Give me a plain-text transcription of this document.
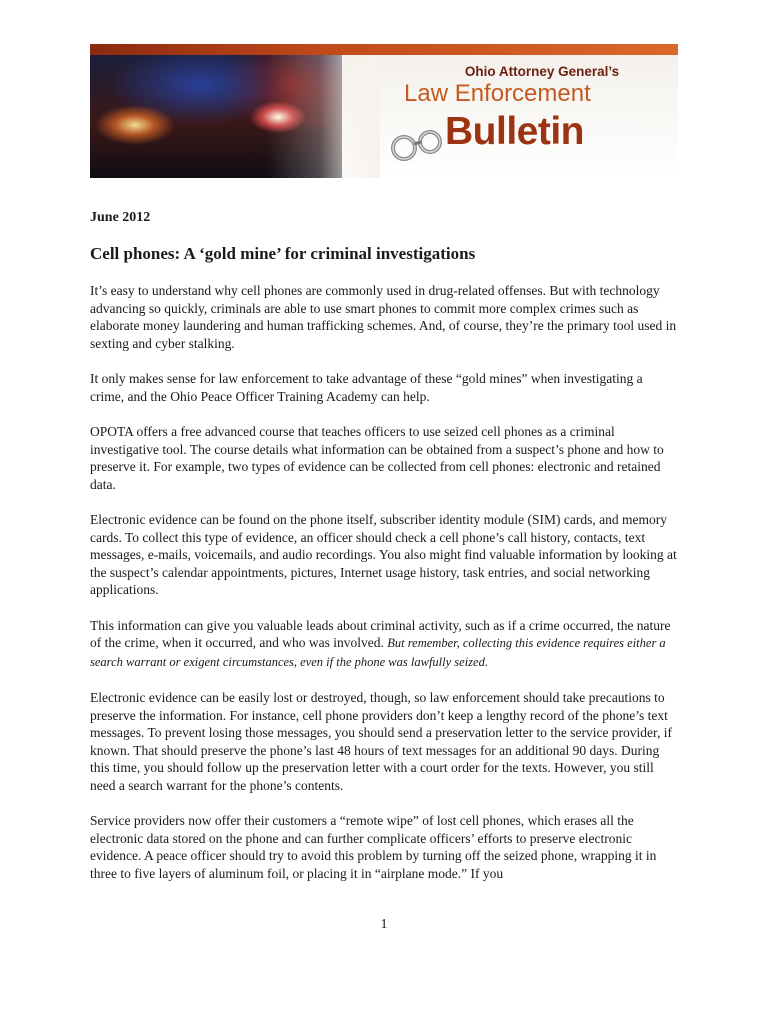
Ohio Attorney General’s
Law Enforcement
Bulletin
June 2012
Cell phones: A ‘gold mine’ for criminal investigations

It’s easy to understand why cell phones are commonly used in drug-related offenses. But with technology advancing so quickly, criminals are able to use smart phones to commit more complex crimes such as elaborate money laundering and human trafficking schemes. And, of course, they’re the primary tool used in sexting and cyber stalking.

It only makes sense for law enforcement to take advantage of these “gold mines” when investigating a crime, and the Ohio Peace Officer Training Academy can help.

OPOTA offers a free advanced course that teaches officers to use seized cell phones as a criminal investigative tool. The course details what information can be obtained from a suspect’s phone and how to preserve it. For example, two types of evidence can be collected from cell phones: electronic and retained data.

Electronic evidence can be found on the phone itself, subscriber identity module (SIM) cards, and memory cards. To collect this type of evidence, an officer should check a cell phone’s call history, contacts, text messages, e-mails, voicemails, and audio recordings. You also might find valuable information by looking at the suspect’s calendar appointments, pictures, Internet usage history, task entries, and social networking applications.

This information can give you valuable leads about criminal activity, such as if a crime occurred, the nature of the crime, when it occurred, and who was involved. But remember, collecting this evidence requires either a search warrant or exigent circumstances, even if the phone was lawfully seized.

Electronic evidence can be easily lost or destroyed, though, so law enforcement should take precautions to preserve the information. For instance, cell phone providers don’t keep a lengthy record of the phone’s text messages. To prevent losing those messages, you should send a preservation letter to the service provider, if known. That should preserve the phone’s last 48 hours of text messages for an additional 90 days. During this time, you should follow up the preservation letter with a court order for the texts. However, you still need a search warrant for the phone’s contents.

Service providers now offer their customers a “remote wipe” of lost cell phones, which erases all the electronic data stored on the phone and can further complicate officers’ efforts to preserve electronic evidence. A peace officer should try to avoid this problem by turning off the seized phone, wrapping it in three to five layers of aluminum foil, or placing it in “airplane mode.” If you

1
